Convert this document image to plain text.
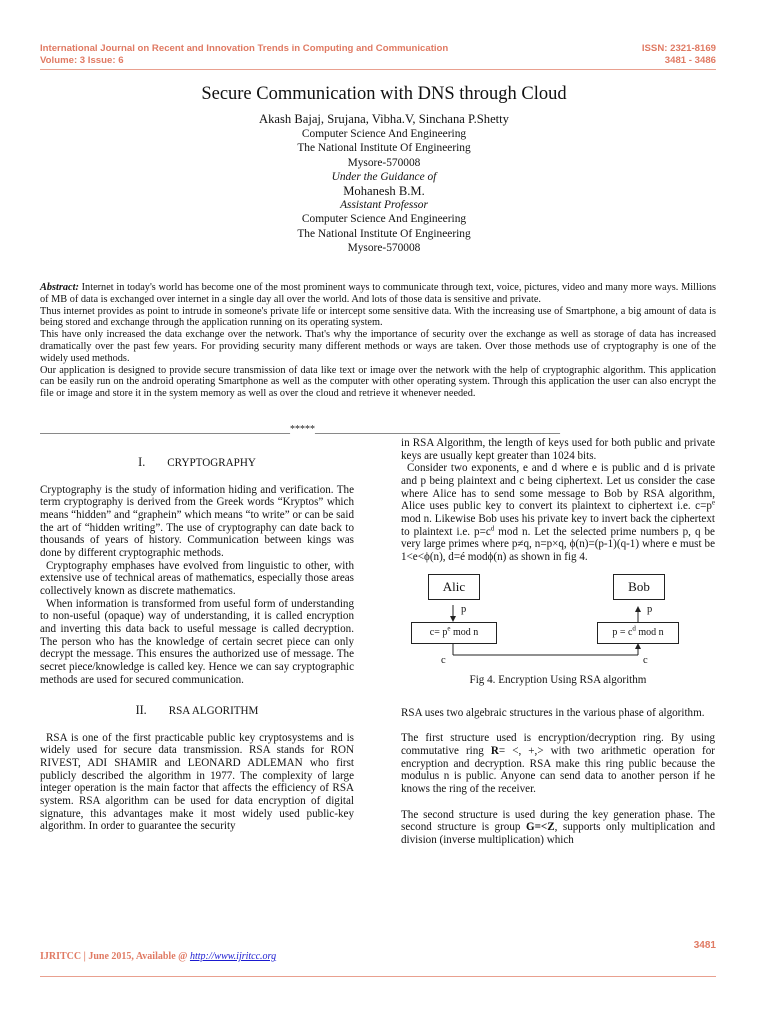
International Journal on Recent and Innovation Trends in Computing and Communication
Volume: 3 Issue: 6
ISSN: 2321-8169
3481 - 3486
Secure Communication with DNS through Cloud
Akash Bajaj, Srujana, Vibha.V, Sinchana P.Shetty
Computer Science And Engineering
The National Institute Of Engineering
Mysore-570008
Under the Guidance of
Mohanesh B.M.
Assistant Professor
Computer Science And Engineering
The National Institute Of Engineering
Mysore-570008

Abstract: Internet in today's world has become one of the most prominent ways to communicate through text, voice, pictures, video and many more ways. Millions of MB of data is exchanged over internet in a single day all over the world. And lots of those data is sensitive and private.

Thus internet provides as point to intrude in someone's private life or intercept some sensitive data. With the increasing use of Smartphone, a big amount of data is being stored and exchange through the application running on its operating system.

This have only increased the data exchange over the network. That's why the importance of security over the exchange as well as storage of data has increased dramatically over the past few years. For providing security many different methods or ways are taken. Over those methods use of cryptography is one of the widely used methods.

Our application is designed to provide secure transmission of data like text or image over the network with the help of cryptographic algorithm. This application can be easily run on the android operating Smartphone as well as the computer with other operating system. Through this application the user can also encrypt the file or image and store it in the system memory as well as over the cloud and retrieve it whenever needed.

__________________________________________________*****_________________________________________________
I. CRYPTOGRAPHY

Cryptography is the study of information hiding and verification. The term cryptography is derived from the Greek words “Kryptos” which means “hidden” and “graphein” which means “to write” or can be said the art of “hidden writing”. The use of cryptography can date back to thousands of years of history. Communication between kings was done by different cryptographic methods.

Cryptography emphases have evolved from linguistic to other, with extensive use of technical areas of mathematics, especially those areas collectively known as discrete mathematics.

When information is transformed from useful form of understanding to non-useful (opaque) way of understanding, it is called encryption and inverting this data back to useful message is called decryption. The person who has the knowledge of certain secret piece can only decrypt the message. This ensures the authorized use of message. The secret piece/knowledge is called key. Hence we can say cryptographic methods are used for secured communication.

II. RSA ALGORITHM

RSA is one of the first practicable public key cryptosystems and is widely used for secure data transmission. RSA stands for RON RIVEST, ADI SHAMIR and LEONARD ADLEMAN who first publicly described the algorithm in 1977. The complexity of large integer operation is the main factor that affects the efficiency of RSA system. RSA algorithm can be used for data encryption of digital signature, this advantages make it most widely used public-key algorithm. In order to guarantee the security

in RSA Algorithm, the length of keys used for both public and private keys are usually kept greater than 1024 bits.

Consider two exponents, e and d where e is public and d is private and p being plaintext and c being ciphertext. Let us consider the case where Alice has to send some message to Bob by RSA algorithm, Alice uses public key to convert its plaintext to ciphertext i.e. $c=p^e$ mod n. Likewise Bob uses his private key to invert back the ciphertext to plaintext i.e. $p=c^d$ mod n. Let the selected prime numbers p, q be very large primes where p≠q, n=p×q, ϕ(n)=(p-1)(q-1) where e must be 1<e<ϕ(n), d=é modϕ(n) as shown in fig 4.

Alic	Bob
p	p
$c= p^e$ mod n	$p = c^d$ mod n
c	c
Fig 4. Encryption Using RSA algorithm

RSA uses two algebraic structures in the various phase of algorithm.

The first structure used is encryption/decryption ring. By using commutative ring R= <, +,> with two arithmetic operation for encryption and decryption. RSA make this ring public because the modulus n is public. Anyone can send data to another person if he knows the ring of the receiver.

The second structure is used during the key generation phase. The second structure is group G=<Z, supports only multiplication and division (inverse multiplication) which

3481
IJRITCC | June 2015, Available @ http://www.ijritcc.org
